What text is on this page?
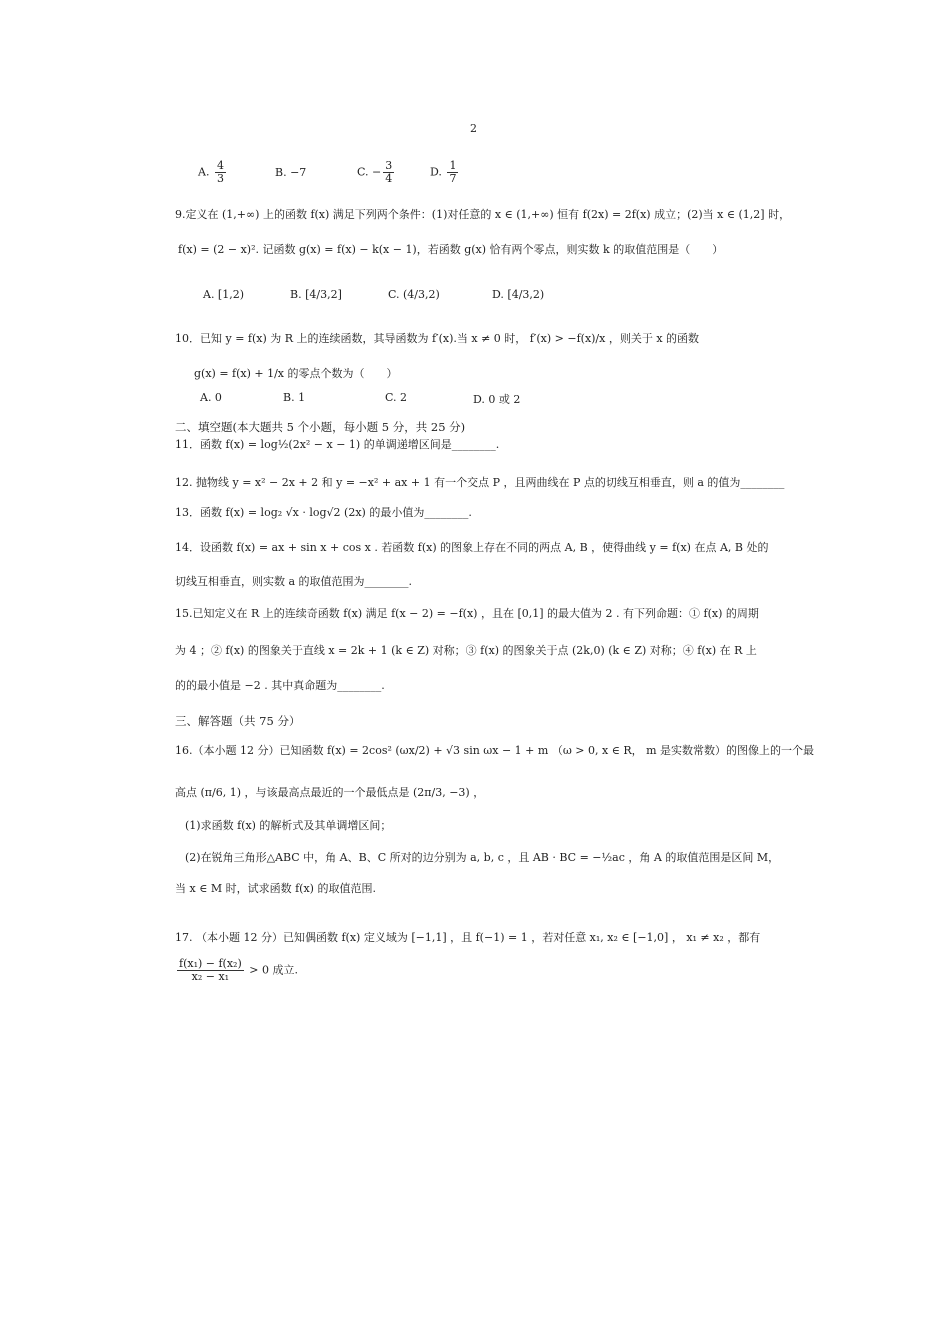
2
A. $\frac{4}{3}$	B. −7	C. − $\frac{3}{4}$	D. $\frac{1}{7}$
9.定义在 (1,+∞) 上的函数 f(x) 满足下列两个条件：(1)对任意的 x ∈ (1,+∞) 恒有 f(2x) = 2f(x) 成立；(2)当 x ∈ (1,2] 时，
f(x) = (2 − x)². 记函数 g(x) = f(x) − k(x − 1)，若函数 g(x) 恰有两个零点，则实数 k 的取值范围是（　　）
A. [1,2)	B. [4/3,2]	C. (4/3,2)	D. [4/3,2)
10．已知 y = f(x) 为 R 上的连续函数，其导函数为 f′(x).当 x ≠ 0 时， f′(x) > −f(x)/x ，则关于 x 的函数
g(x) = f(x) + 1/x 的零点个数为（　　）
A. 0	B. 1	C. 2	D. 0 或 2
二、填空题(本大题共 5 个小题，每小题 5 分，共 25 分)
11．函数 f(x) = log½(2x² − x − 1) 的单调递增区间是________.
12. 抛物线 y = x² − 2x + 2 和 y = −x² + ax + 1 有一个交点 P ，且两曲线在 P 点的切线互相垂直，则 a 的值为________
13．函数 f(x) = log₂ √x · log√2 (2x) 的最小值为________.
14．设函数 f(x) = ax + sin x + cos x . 若函数 f(x) 的图象上存在不同的两点 A, B ，使得曲线 y = f(x) 在点 A, B 处的
切线互相垂直，则实数 a 的取值范围为________.
15.已知定义在 R 上的连续奇函数 f(x) 满足 f(x − 2) = −f(x) ，且在 [0,1] 的最大值为 2 . 有下列命题：① f(x) 的周期
为 4 ；② f(x) 的图象关于直线 x = 2k + 1 (k ∈ Z) 对称；③ f(x) 的图象关于点 (2k,0) (k ∈ Z) 对称；④ f(x) 在 R 上
的的最小值是 −2 . 其中真命题为________.
三、解答题（共 75 分）
16.（本小题 12 分）已知函数 f(x) = 2cos² (ωx/2) + √3 sin ωx − 1 + m （ω > 0, x ∈ R， m 是实数常数）的图像上的一个最
高点 (π/6, 1) ，与该最高点最近的一个最低点是 (2π/3, −3) ，
(1)求函数 f(x) 的解析式及其单调增区间；
(2)在锐角三角形△ABC 中，角 A、B、C 所对的边分别为 a, b, c ，且 AB · BC = −½ac ，角 A 的取值范围是区间 M，
当 x ∈ M 时，试求函数 f(x) 的取值范围.
17. （本小题 12 分）已知偶函数 f(x) 定义域为 [−1,1] ，且 f(−1) = 1 ，若对任意 x₁, x₂ ∈ [−1,0] ， x₁ ≠ x₂ ，都有
$\frac{\text{f(x₁) − f(x₂)}}{\text{x₂ − x₁}} > 0$ 成立.
